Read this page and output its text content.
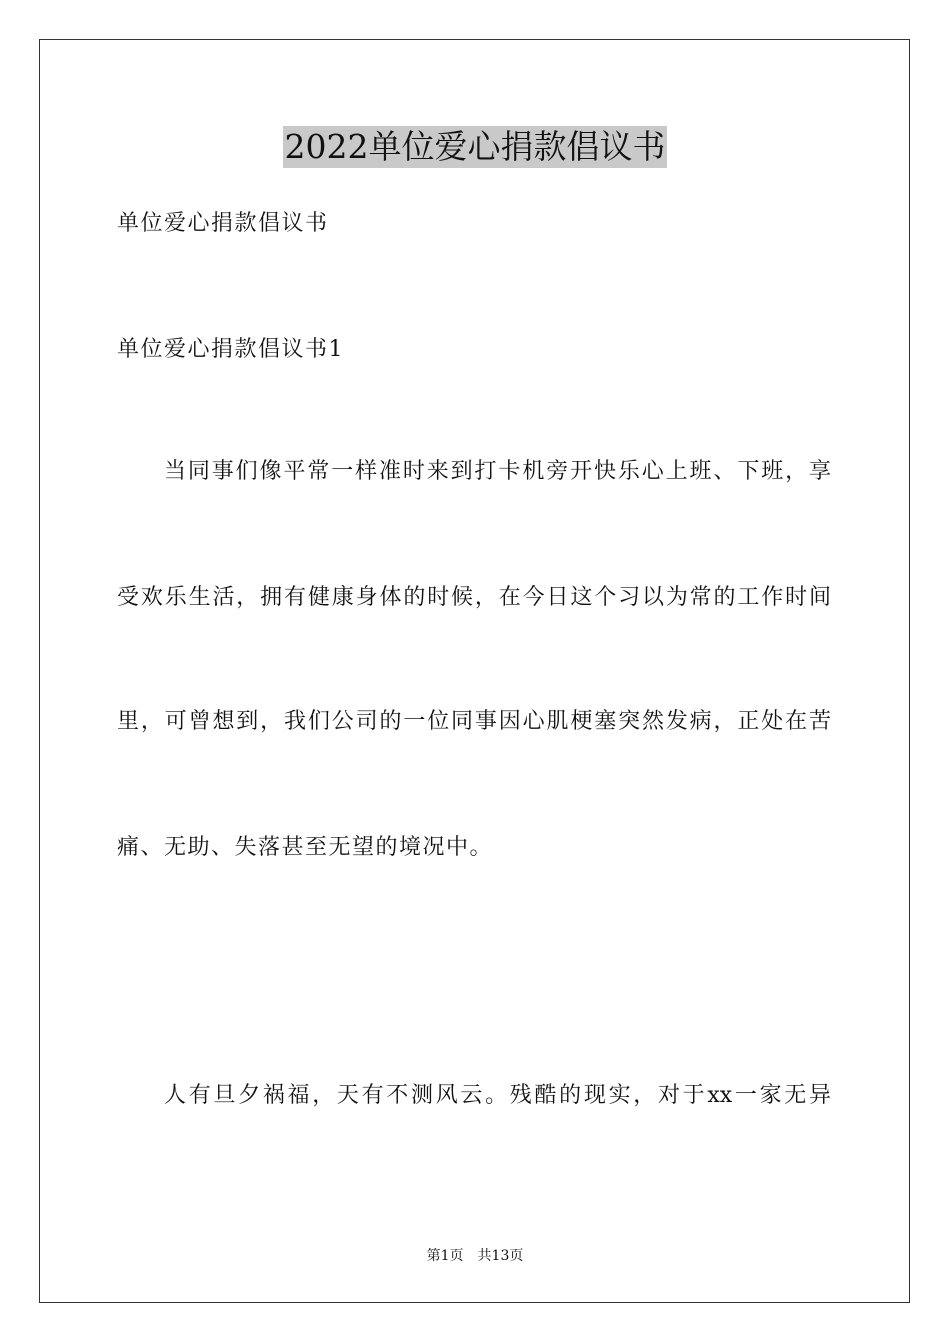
2022单位爱心捐款倡议书
单位爱心捐款倡议书
单位爱心捐款倡议书1
当同事们像平常一样准时来到打卡机旁开快乐心上班、下班，享
受欢乐生活，拥有健康身体的时候，在今日这个习以为常的工作时间
里，可曾想到，我们公司的一位同事因心肌梗塞突然发病，正处在苦
痛、无助、失落甚至无望的境况中。
人有旦夕祸福，天有不测风云。残酷的现实，对于xx一家无异
第1页 共13页
